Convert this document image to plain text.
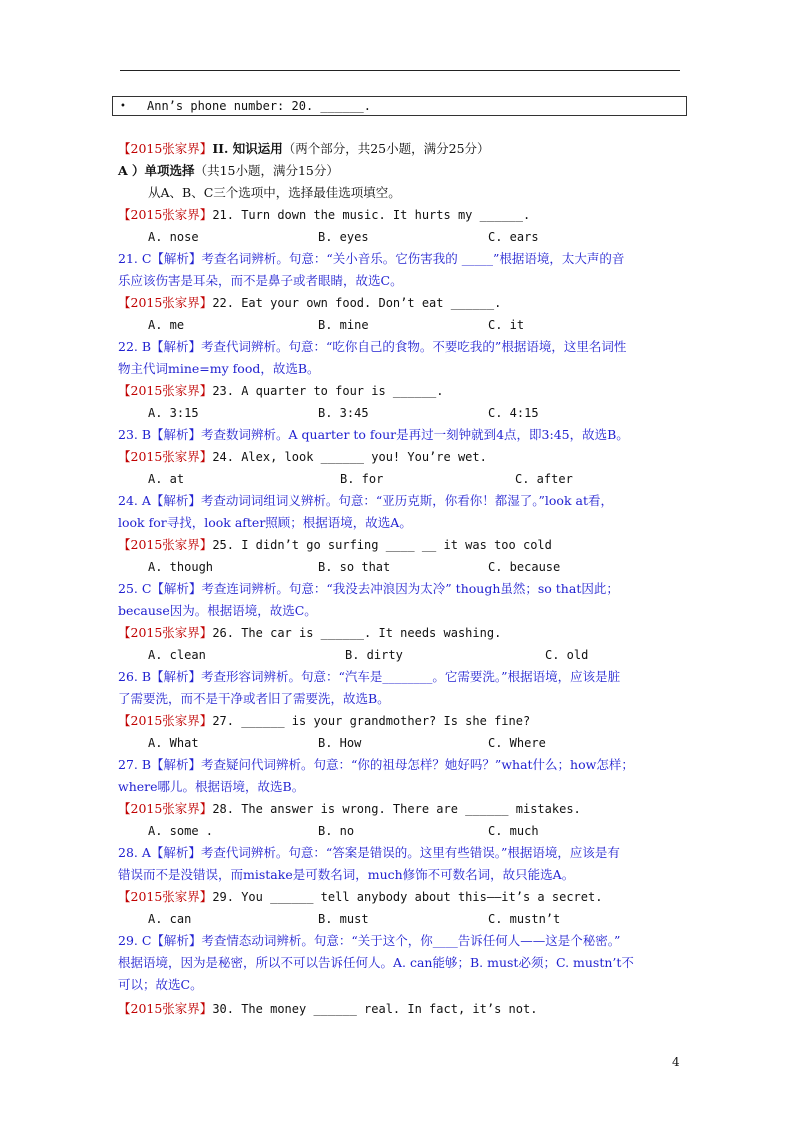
• Ann’s phone number: 20. ______.
【2015张家界】II. 知识运用（两个部分，共25小题，满分25分）
A ）单项选择（共15小题，满分15分）
从A、B、C三个选项中，选择最佳选项填空。
【2015张家界】21. Turn down the music. It hurts my ______.
A. nose	B. eyes	C. ears
21. C【解析】考查名词辨析。句意：“关小音乐。它伤害我的 _____”根据语境，太大声的音
乐应该伤害是耳朵，而不是鼻子或者眼睛，故选C。
【2015张家界】22. Eat your own food. Don’t eat ______.
A. me	B. mine	C. it
22. B【解析】考查代词辨析。句意：“吃你自己的食物。不要吃我的”根据语境，这里名词性
物主代词mine=my food，故选B。
【2015张家界】23. A quarter to four is ______.
A. 3:15	B. 3:45	C. 4:15
23. B【解析】考查数词辨析。A quarter to four是再过一刻钟就到4点，即3:45，故选B。
【2015张家界】24. Alex, look ______ you! You’re wet.
A. at	B. for	C. after
24. A【解析】考查动词词组词义辨析。句意：“亚历克斯，你看你！都湿了。”look at看，
look for寻找，look after照顾；根据语境，故选A。
【2015张家界】25. I didn’t go surfing ____ __ it was too cold
A. though	B. so that	C. because
25. C【解析】考查连词辨析。句意：“我没去冲浪因为太冷” though虽然；so that因此；
because因为。根据语境，故选C。
【2015张家界】26. The car is ______. It needs washing.
A. clean	B. dirty	C. old
26. B【解析】考查形容词辨析。句意：“汽车是________。它需要洗。”根据语境，应该是脏
了需要洗，而不是干净或者旧了需要洗，故选B。
【2015张家界】27. ______ is your grandmother? Is she fine?
A. What	B. How	C. Where
27. B【解析】考查疑问代词辨析。句意：“你的祖母怎样？她好吗？”what什么；how怎样；
where哪儿。根据语境，故选B。
【2015张家界】28. The answer is wrong. There are ______ mistakes.
A. some .	B. no	C. much
28. A【解析】考查代词辨析。句意：“答案是错误的。这里有些错误。”根据语境，应该是有
错误而不是没错误，而mistake是可数名词，much修饰不可数名词，故只能选A。
【2015张家界】29. You ______ tell anybody about this——it’s a secret.
A. can	B. must	C. mustn’t
29. C【解析】考查情态动词辨析。句意：“关于这个，你____告诉任何人——这是个秘密。”
根据语境，因为是秘密，所以不可以告诉任何人。A. can能够；B. must必须；C. mustn’t不
可以；故选C。
【2015张家界】30. The money ______ real. In fact, it’s not.
4
